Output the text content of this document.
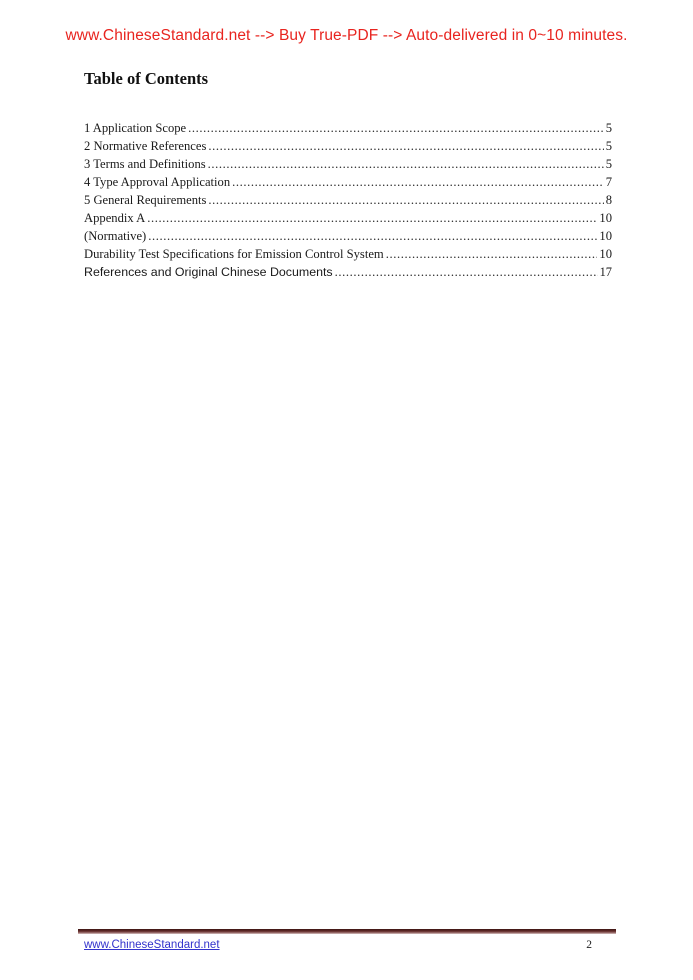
www.ChineseStandard.net --> Buy True-PDF --> Auto-delivered in 0~10 minutes.
Table of Contents
1 Application Scope .....	5
2 Normative References .....	5
3 Terms and Definitions .....	5
4 Type Approval Application .....	7
5 General Requirements .....	8
Appendix A .....	10
(Normative) .....	10
Durability Test Specifications for Emission Control System .....	10
References and Original Chinese Documents .....	17
www.ChineseStandard.net	2
